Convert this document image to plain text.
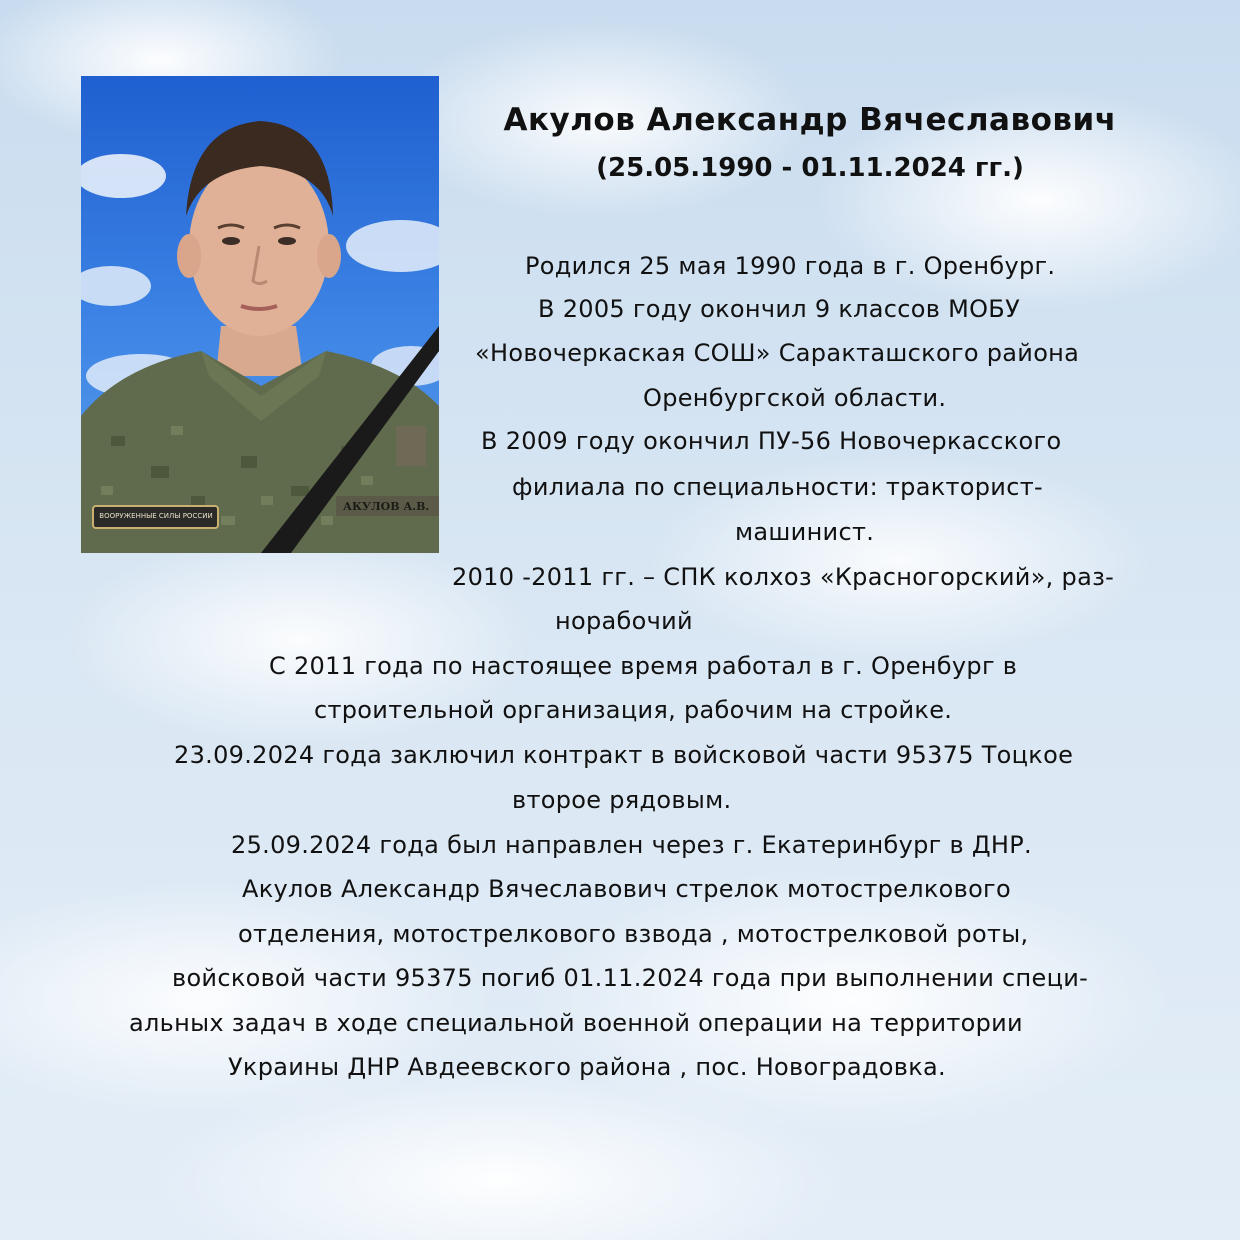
ВООРУЖЕННЫЕ СИЛЫ РОССИИ
АКУЛОВ А.В.
Акулов Александр Вячеславович

(25.05.1990 - 01.11.2024 гг.)

Родился 25 мая 1990 года в г. Оренбург.
В 2005 году окончил 9 классов МОБУ
«Новочеркаская СОШ» Саракташского района
Оренбургской области.
В 2009 году окончил ПУ-56 Новочеркасского
филиала по специальности: тракторист-
машинист.
2010 -2011 гг. – СПК колхоз «Красногорский», раз-
норабочий
С 2011 года по настоящее время работал в г. Оренбург в
строительной организация, рабочим на стройке.
23.09.2024 года заключил контракт в войсковой части 95375 Тоцкое
второе рядовым.
25.09.2024 года был направлен через г. Екатеринбург в ДНР.
Акулов Александр Вячеславович стрелок мотострелкового
отделения, мотострелкового взвода , мотострелковой роты,
войсковой части 95375 погиб 01.11.2024 года при выполнении специ-
альных задач в ходе специальной военной операции на территории
Украины ДНР Авдеевского района , пос. Новоградовка.
